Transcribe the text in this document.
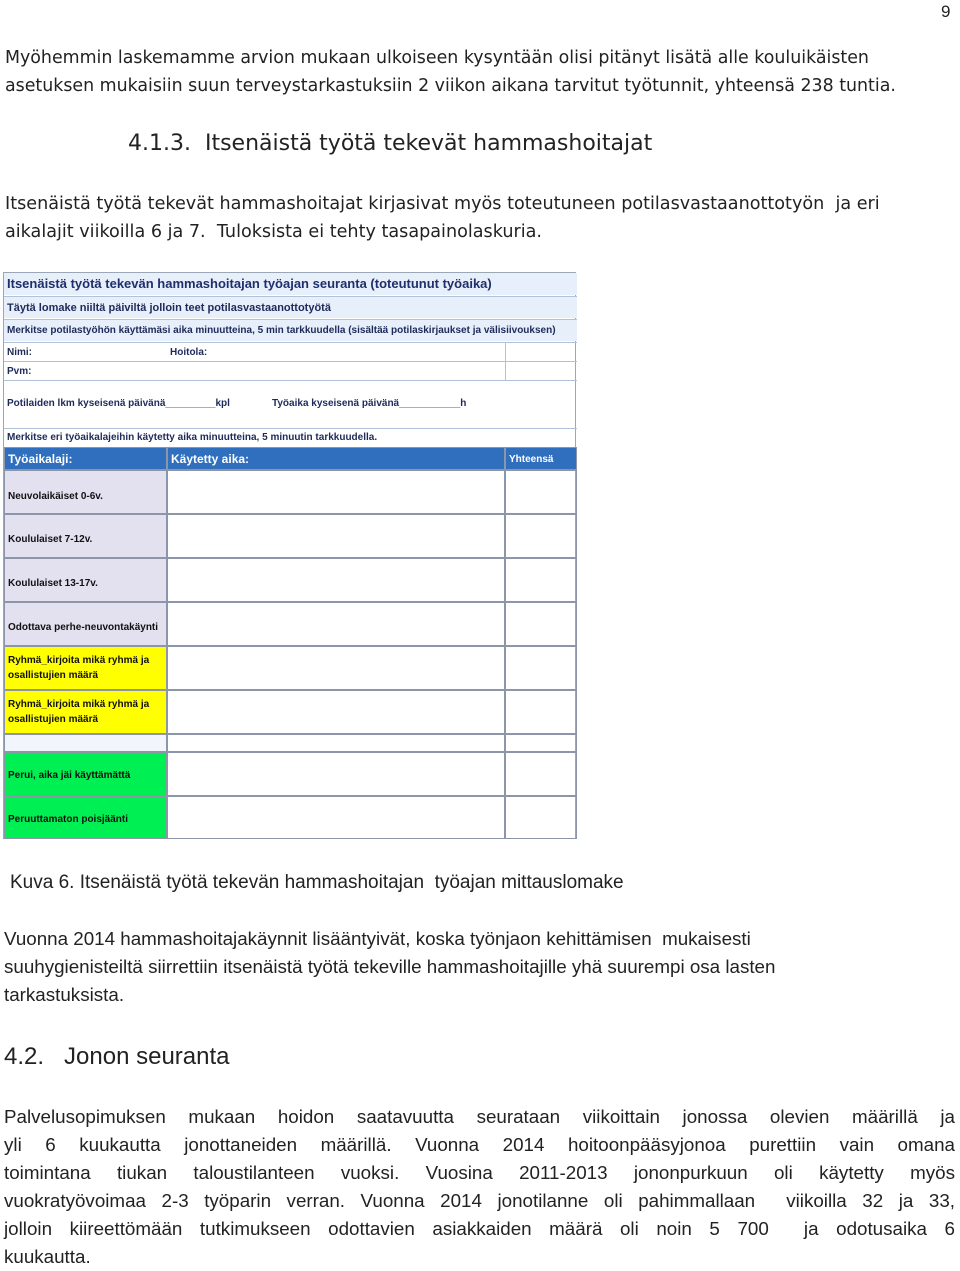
9
Myöhemmin laskemamme arvion mukaan ulkoiseen kysyntään olisi pitänyt lisätä alle kouluikäisten
asetuksen mukaisiin suun terveystarkastuksiin 2 viikon aikana tarvitut työtunnit, yhteensä 238 tuntia.
4.1.3.  Itsenäistä työtä tekevät hammashoitajat
Itsenäistä työtä tekevät hammashoitajat kirjasivat myös toteutuneen potilasvastaanottotyön  ja eri
aikalajit viikoilla 6 ja 7.  Tuloksista ei tehty tasapainolaskuria.
Itsenäistä työtä tekevän hammashoitajan työajan seuranta (toteutunut työaika)
Täytä lomake niiltä päiviltä jolloin teet potilasvastaanottotyötä
Merkitse potilastyöhön käyttämäsi aika minuutteina, 5 min tarkkuudella (sisältää potilaskirjaukset ja välisiivouksen)
Nimi:	Hoitola:
Pvm:
Potilaiden lkm kyseisenä päivänä_________kpl	Työaika kyseisenä päivänä___________h
Merkitse eri työaikalajeihin käytetty aika minuutteina, 5 minuutin tarkkuudella.
Työaikalaji:	Käytetty aika:	Yhteensä
Neuvolaikäiset 0-6v.
Koululaiset 7-12v.
Koululaiset 13-17v.
Odottava perhe-neuvontakäynti
Ryhmä_kirjoita mikä ryhmä ja osallistujien määrä
Ryhmä_kirjoita mikä ryhmä ja osallistujien määrä
Perui, aika jäi käyttämättä
Peruuttamaton poisjäänti
Kuva 6. Itsenäistä työtä tekevän hammashoitajan  työajan mittauslomake
Vuonna 2014 hammashoitajakäynnit lisääntyivät, koska työnjaon kehittämisen  mukaisesti
suuhygienisteiltä siirrettiin itsenäistä työtä tekeville hammashoitajille yhä suurempi osa lasten
tarkastuksista.
4.2.   Jonon seuranta
Palvelusopimuksen mukaan hoidon saatavuutta seurataan viikoittain jonossa olevien määrillä ja
yli 6 kuukautta jonottaneiden määrillä. Vuonna 2014 hoitoonpääsyjonoa purettiin vain omana
toimintana tiukan taloustilanteen vuoksi. Vuosina 2011-2013 jononpurkuun oli käytetty myös
vuokratyövoimaa 2-3 työparin verran. Vuonna 2014 jonotilanne oli pahimmallaan  viikoilla 32 ja 33,
jolloin kiireettömään tutkimukseen odottavien asiakkaiden määrä oli noin 5 700  ja odotusaika 6
kuukautta.
